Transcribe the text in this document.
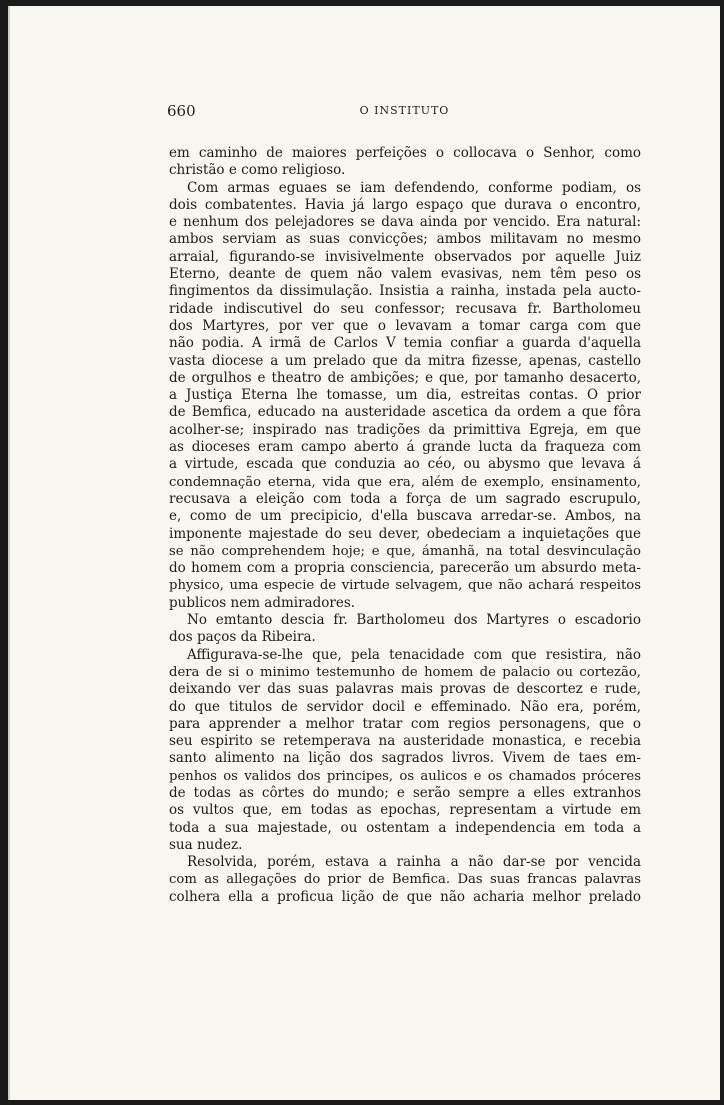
660	O INSTITUTO
em caminho de maiores perfeições o collocava o Senhor, como
christão e como religioso.
Com armas eguaes se iam defendendo, conforme podiam, os
dois combatentes. Havia já largo espaço que durava o encontro,
e nenhum dos pelejadores se dava ainda por vencido. Era natural:
ambos serviam as suas convicções; ambos militavam no mesmo
arraial, figurando-se invisivelmente observados por aquelle Juiz
Eterno, deante de quem não valem evasivas, nem têm peso os
fingimentos da dissimulação. Insistia a rainha, instada pela aucto-
ridade indiscutivel do seu confessor; recusava fr. Bartholomeu
dos Martyres, por ver que o levavam a tomar carga com que
não podia. A irmã de Carlos V temia confiar a guarda d'aquella
vasta diocese a um prelado que da mitra fizesse, apenas, castello
de orgulhos e theatro de ambições; e que, por tamanho desacerto,
a Justiça Eterna lhe tomasse, um dia, estreitas contas. O prior
de Bemfica, educado na austeridade ascetica da ordem a que fôra
acolher-se; inspirado nas tradições da primittiva Egreja, em que
as dioceses eram campo aberto á grande lucta da fraqueza com
a virtude, escada que conduzia ao céo, ou abysmo que levava á
condemnação eterna, vida que era, além de exemplo, ensinamento,
recusava a eleição com toda a força de um sagrado escrupulo,
e, como de um precipicio, d'ella buscava arredar-se. Ambos, na
imponente majestade do seu dever, obedeciam a inquietações que
se não comprehendem hoje; e que, ámanhã, na total desvinculação
do homem com a propria consciencia, parecerão um absurdo meta-
physico, uma especie de virtude selvagem, que não achará respeitos
publicos nem admiradores.
No emtanto descia fr. Bartholomeu dos Martyres o escadorio
dos paços da Ribeira.
Affigurava-se-lhe que, pela tenacidade com que resistira, não
dera de si o minimo testemunho de homem de palacio ou cortezão,
deixando ver das suas palavras mais provas de descortez e rude,
do que titulos de servidor docil e effeminado. Não era, porém,
para apprender a melhor tratar com regios personagens, que o
seu espirito se retemperava na austeridade monastica, e recebia
santo alimento na lição dos sagrados livros. Vivem de taes em-
penhos os validos dos principes, os aulicos e os chamados próceres
de todas as côrtes do mundo; e serão sempre a elles extranhos
os vultos que, em todas as epochas, representam a virtude em
toda a sua majestade, ou ostentam a independencia em toda a
sua nudez.
Resolvida, porém, estava a rainha a não dar-se por vencida
com as allegações do prior de Bemfica. Das suas francas palavras
colhera ella a proficua lição de que não acharia melhor prelado
